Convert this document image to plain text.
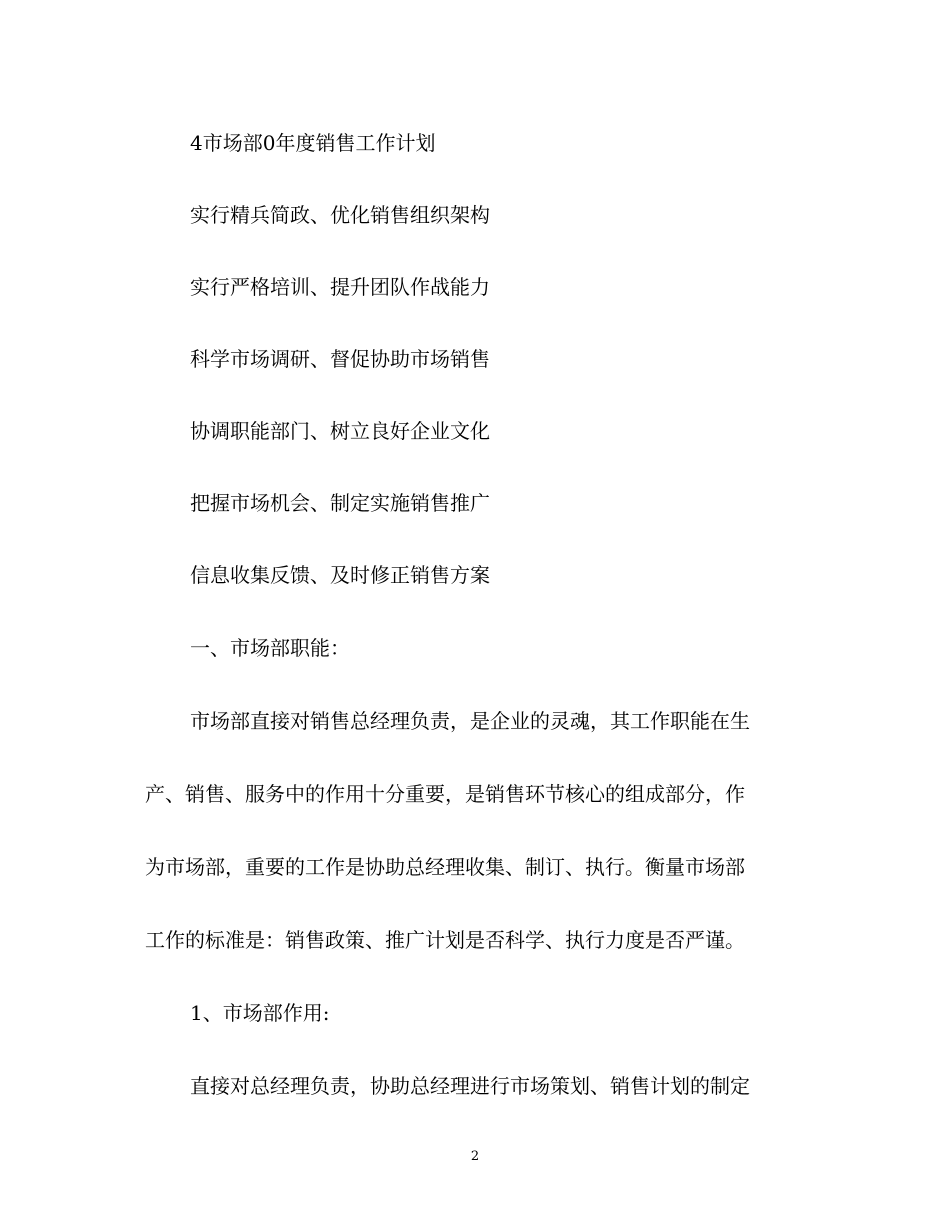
4市场部0年度销售工作计划
实行精兵简政、优化销售组织架构
实行严格培训、提升团队作战能力
科学市场调研、督促协助市场销售
协调职能部门、树立良好企业文化
把握市场机会、制定实施销售推广
信息收集反馈、及时修正销售方案
一、市场部职能：
市场部直接对销售总经理负责，是企业的灵魂，其工作职能在生
产、销售、服务中的作用十分重要，是销售环节核心的组成部分，作
为市场部，重要的工作是协助总经理收集、制订、执行。衡量市场部
工作的标准是：销售政策、推广计划是否科学、执行力度是否严谨。
1、市场部作用:
直接对总经理负责，协助总经理进行市场策划、销售计划的制定
2
